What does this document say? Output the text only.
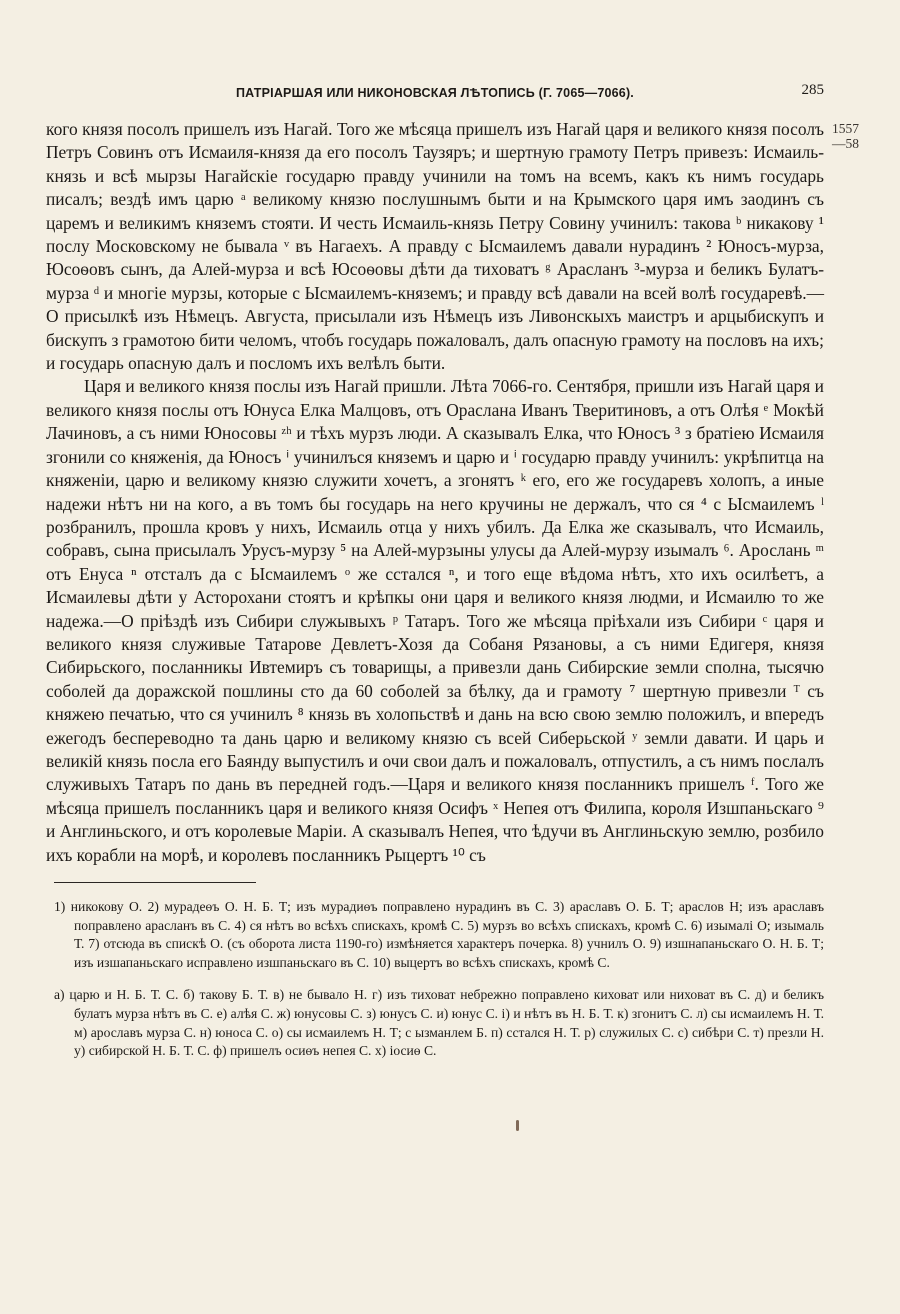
ПАТРІАРШАЯ ИЛИ НИКОНОВСКАЯ ЛѢТОПИСЬ (Г. 7065—7066).	285
1557
—58

кого князя посолъ пришелъ изъ Нагай. Того же мѣсяца пришелъ изъ Нагай царя и великого князя посолъ Петръ Совинъ отъ Исмаиля-князя да его посолъ Таузяръ; и шертную грамоту Петръ привезъ: Исмаиль-князь и всѣ мырзы Нагайскіе государю правду учинили на томъ на всемъ, какъ къ нимъ государь писалъ; вездѣ имъ царю ᵃ великому князю послушнымъ быти и на Крымского царя имъ заодинъ съ царемъ и великимъ княземъ стояти. И честь Исмаиль-князь Петру Совину учинилъ: такова ᵇ никакову ¹ послу Московскому не бывала ᵛ въ Нагаехъ. А правду с Ысмаилемъ давали нурадинъ ² Юносъ-мурза, Юсоѳовъ сынъ, да Алей-мурза и всѣ Юсоѳовы дѣти да тиховатъ ᵍ Арасланъ ³-мурза и беликъ Булатъ-мурза ᵈ и многіе мурзы, которые с Ысмаилемъ-княземъ; и правду всѣ давали на всей волѣ государевѣ.—О присылкѣ изъ Нѣмецъ. Августа, присылали изъ Нѣмецъ изъ Ливонскыхъ маистръ и арцыбискупъ и бискупъ з грамотою бити челомъ, чтобъ государь пожаловалъ, далъ опасную грамоту на пословъ на ихъ; и государь опасную далъ и посломъ ихъ велѣлъ быти.

Царя и великого князя послы изъ Нагай пришли. Лѣта 7066-го. Сентября, пришли изъ Нагай царя и великого князя послы отъ Юнуса Елка Малцовъ, отъ Орaслана Иванъ Тверитиновъ, а отъ Олѣя ᵉ Мокѣй Лачиновъ, а съ ними Юносовы ᶻʰ и тѣхъ мурзъ люди. А сказывалъ Елка, что Юносъ ³ з братіею Исмаиля згонили со княженія, да Юносъ ⁱ учинилъся княземъ и царю и ⁱ государю правду учинилъ: укрѣпитца на княженіи, царю и великому князю служити хочетъ, а згонятъ ᵏ его, его же государевъ холопъ, а иные надежи нѣтъ ни на кого, а въ томъ бы государь на него кручины не держалъ, что ся ⁴ с Ысмаилемъ ˡ розбранилъ, прошла кровъ у нихъ, Исмаиль отца у нихъ убилъ. Да Елка же сказывалъ, что Исмаиль, собравъ, сына присылалъ Урусъ-мурзу ⁵ на Алей-мурзыны улусы да Алей-мурзу изымалъ ⁶. Арослань ᵐ отъ Енуса ⁿ отсталъ да с Ысмаилемъ ᵒ же сстался ⁿ, и того еще вѣдома нѣтъ, хто ихъ осилѣетъ, а Исмаилевы дѣти у Асторохани стоятъ и крѣпкы они царя и великого князя людми, и Исмаилю то же надежа.—О пріѣздѣ изъ Сибири служывыхъ ᵖ Татаръ. Того же мѣсяца пріѣхали изъ Сибири ᶜ царя и великого князя служивые Татарове Девлетъ-Хозя да Собаня Рязановы, а съ ними Едигеря, князя Сибирьского, посланникы Ивтемиръ съ товарищы, а привезли дань Сибирские земли сполна, тысячю соболей да доражской пошлины сто да 60 соболей за бѣлку, да и грамоту ⁷ шертную привезли ᵀ съ княжею печатью, что ся учинилъ ⁸ князь въ холопьствѣ и дань на всю свою землю положилъ, и впередъ ежегодъ беспереводно та дань царю и великому князю съ всей Сиберьской ʸ земли давати. И царь и великій князь посла его Баянду выпустилъ и очи свои далъ и пожаловалъ, отпустилъ, а съ нимъ послалъ служивыхъ Татаръ по дань въ передней годъ.—Царя и великого князя посланникъ пришелъ ᶠ. Того же мѣсяца пришелъ посланникъ царя и великого князя Осифъ ˣ Непея отъ Филипа, короля Изшпаньскаго ⁹ и Англиньского, и отъ королевые Маріи. А сказывалъ Непея, что ѣдучи въ Англиньскую землю, розбило ихъ корабли на морѣ, и королевъ посланникъ Рыцертъ ¹⁰ съ

1) никокову О. 2) мурадеѳъ О. Н. Б. Т; изъ мурадиѳъ поправлено нурадинъ въ С. 3) араславъ О. Б. Т; араслов Н; изъ араславъ поправлено арасланъ въ С. 4) ся нѣтъ во всѣхъ спискахъ, кромѣ С. 5) мурзъ во всѣхъ спискахъ, кромѣ С. 6) изымалі О; изымаль Т. 7) отсюда въ спискѣ О. (съ оборота листа 1190-го) измѣняется характеръ почерка. 8) учнилъ О. 9) изшнапаньскаго О. Н. Б. Т; изъ изшапаньскаго исправлено изшпаньскаго въ С. 10) выцертъ во всѣхъ спискахъ, кромѣ С.

а) царю и Н. Б. Т. С. б) такову Б. Т. в) не бывало Н. г) изъ тиховат небрежно поправлено киховат или ниховат въ С. д) и беликъ булатъ мурза нѣтъ въ С. е) алѣя С. ж) юнусовы С. з) юнусъ С. и) юнус С. і) и нѣтъ въ Н. Б. Т. к) згонитъ С. л) сы исмаилемъ Н. Т. м) арославъ мурза С. н) юноса С. о) сы исмаилемъ Н. Т; с ызманлем Б. п) сстался Н. Т. р) служилых С. с) сибѣри С. т) презли Н. у) сибирской Н. Б. Т. С. ф) пришелъ осиѳъ непея С. х) іосиѳ С.
